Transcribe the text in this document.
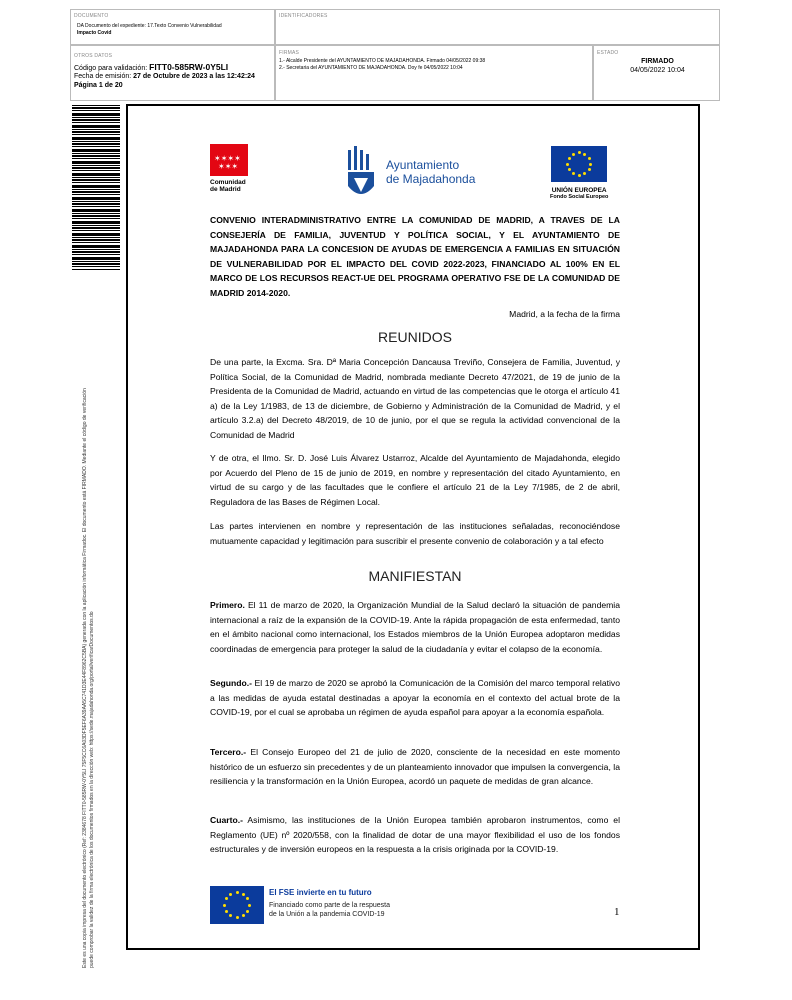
DOCUMENTO
DA Documento del expediente: 17.Texto Convenio Vulnerabilidad
Impacto Covid
IDENTIFICADORES
OTROS DATOS
Código para validación: FITT0-585RW-0Y5LI
Fecha de emisión: 27 de Octubre de 2023 a las 12:42:24
Página 1 de 20
FIRMAS
1.- Alcalde Presidente del AYUNTAMIENTO DE MAJADAHONDA. Firmado 04/05/2022 09:38
2.- Secretaria del AYUNTAMIENTO DE MAJADAHONDA. Doy fe 04/05/2022 10:04
ESTADO
FIRMADO
04/05/2022 10:04
Este es una copia impresa del documento electrónico (Ref: 2384678 FITT0-585RW-0Y5LI 75F5CC6A03DF5EF6A39AA5C741D3E44F8962C5BA) generada con la aplicación informática Firmadoc. El documento está FIRMADO. Mediante el código de verificación puede comprobar la validez de la firma electrónica de los documentos firmados en la dirección web: https://sede.majadahonda.org/portal/verificarDocumentos.do
✶✶✶✶
✶✶✶
Comunidad
de Madrid
Ayuntamiento
de Majadahonda
UNIÓN EUROPEA
Fondo Social Europeo
CONVENIO INTERADMINISTRATIVO ENTRE LA COMUNIDAD DE MADRID, A TRAVES DE LA CONSEJERÍA DE FAMILIA, JUVENTUD Y POLÍTICA SOCIAL, Y EL AYUNTAMIENTO DE MAJADAHONDA PARA LA CONCESION DE AYUDAS DE EMERGENCIA A FAMILIAS EN SITUACIÓN DE VULNERABILIDAD POR EL IMPACTO DEL COVID 2022-2023, FINANCIADO AL 100% EN EL MARCO DE LOS RECURSOS REACT-UE DEL PROGRAMA OPERATIVO FSE DE LA COMUNIDAD DE MADRID 2014-2020.
Madrid, a la fecha de la firma
REUNIDOS
De una parte, la Excma. Sra. Dª Maria Concepción Dancausa Treviño, Consejera de Familia, Juventud, y Política Social, de la Comunidad de Madrid, nombrada mediante Decreto 47/2021, de 19 de junio de la Presidenta de la Comunidad de Madrid, actuando en virtud de las competencias que le otorga el artículo 41 a) de la Ley 1/1983, de 13 de diciembre, de Gobierno y Administración de la Comunidad de Madrid, y el artículo 3.2.a) del Decreto 48/2019, de 10 de junio, por el que se regula la actividad convencional de la Comunidad de Madrid
Y de otra, el Ilmo. Sr. D. José Luis Álvarez Ustarroz, Alcalde del Ayuntamiento de Majadahonda, elegido por Acuerdo del Pleno de 15 de junio de 2019, en nombre y representación del citado Ayuntamiento, en virtud de su cargo y de las facultades que le confiere el artículo 21 de la Ley 7/1985, de 2 de abril, Reguladora de las Bases de Régimen Local.
Las partes intervienen en nombre y representación de las instituciones señaladas, reconociéndose mutuamente capacidad y legitimación para suscribir el presente convenio de colaboración y a tal efecto
MANIFIESTAN
Primero. El 11 de marzo de 2020, la Organización Mundial de la Salud declaró la situación de pandemia internacional a raíz de la expansión de la COVID-19. Ante la rápida propagación de esta enfermedad, tanto en el ámbito nacional como internacional, los Estados miembros de la Unión Europea adoptaron medidas coordinadas de emergencia para proteger la salud de la ciudadanía y evitar el colapso de la economía.
Segundo.- El 19 de marzo de 2020 se aprobó la Comunicación de la Comisión del marco temporal relativo a las medidas de ayuda estatal destinadas a apoyar la economía en el contexto del actual brote de la COVID-19, por el cual se aprobaba un régimen de ayuda español para apoyar a la economía española.
Tercero.- El Consejo Europeo del 21 de julio de 2020, consciente de la necesidad en este momento histórico de un esfuerzo sin precedentes y de un planteamiento innovador que impulsen la convergencia, la resiliencia y la transformación en la Unión Europea, acordó un paquete de medidas de gran alcance.
Cuarto.- Asimismo, las instituciones de la Unión Europea también aprobaron instrumentos, como el Reglamento (UE) nº 2020/558, con la finalidad de dotar de una mayor flexibilidad el uso de los fondos estructurales y de inversión europeos en la respuesta a la crisis originada por la COVID-19.
El FSE invierte en tu futuro
Financiado como parte de la respuesta
de la Unión a la pandemia COVID-19	1
